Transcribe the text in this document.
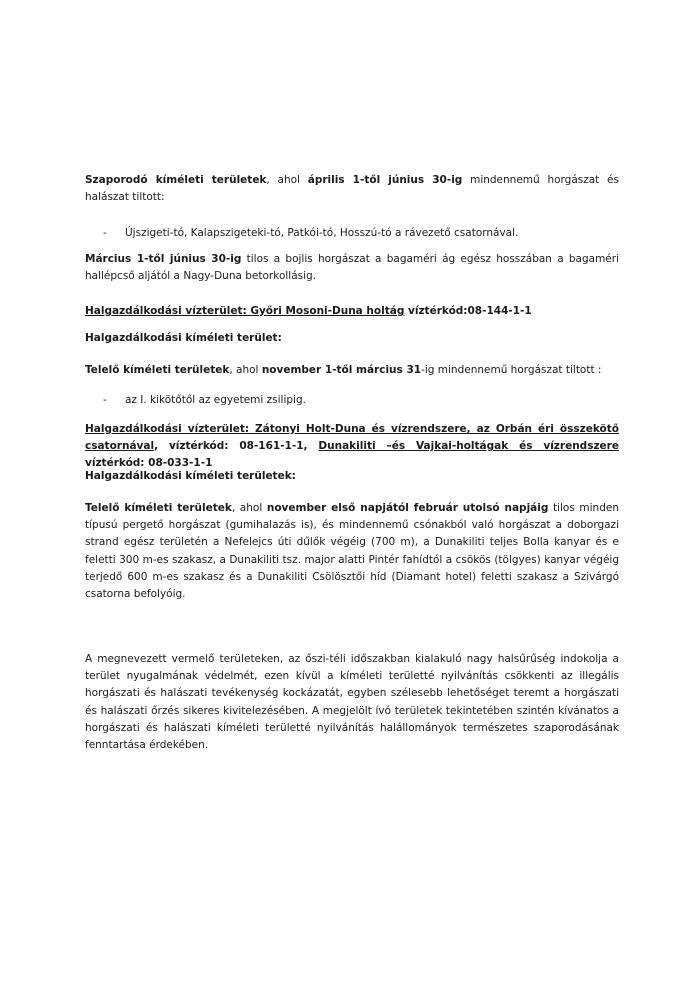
Szaporodó kíméleti területek, ahol április 1-től június 30-ig mindennemű horgászat és halászat tiltott:
- Újszigeti-tó, Kalapszigeteki-tó, Patkói-tó, Hosszú-tó a rávezető csatornával.
Március 1-től június 30-ig tilos a bojlis horgászat a bagaméri ág egész hosszában a bagaméri hallépcső aljától a Nagy-Duna betorkollásig.
Halgazdálkodási vízterület: Győri Mosoni-Duna holtág víztérkód:08-144-1-1
Halgazdálkodási kíméleti terület:
Telelő kíméleti területek, ahol november 1-től március 31-ig mindennemű horgászat tiltott :
- az I. kikötőtől az egyetemi zsilipig.
Halgazdálkodási vízterület: Zátonyi Holt-Duna és vízrendszere, az Orbán éri összekötő csatornával, víztérkód: 08-161-1-1, Dunakiliti –és Vajkai-holtágak és vízrendszere víztérkód: 08-033-1-1
Halgazdálkodási kíméleti területek:
Telelő kíméleti területek, ahol november első napjától február utolsó napjáig tilos minden típusú pergető horgászat (gumihalazás is), és mindennemű csónakból való horgászat a doborgazi strand egész területén a Nefelejcs úti dűlők végéig (700 m), a Dunakiliti teljes Bolla kanyar és e feletti 300 m-es szakasz, a Dunakiliti tsz. major alatti Pintér fahídtól a csökös (tölgyes) kanyar végéig terjedő 600 m-es szakasz és a Dunakiliti Csölösztői híd (Diamant hotel) feletti szakasz a Szivárgó csatorna befolyóig.
A megnevezett vermelő területeken, az őszi-téli időszakban kialakuló nagy halsűrűség indokolja a terület nyugalmának védelmét, ezen kívül a kíméleti területté nyilvánítás csökkenti az illegális horgászati és halászati tevékenység kockázatát, egyben szélesebb lehetőséget teremt a horgászati és halászati őrzés sikeres kivitelezésében. A megjelölt ívó területek tekintetében szintén kívánatos a horgászati és halászati kíméleti területté nyilvánítás halállományok természetes szaporodásának fenntartása érdekében.
